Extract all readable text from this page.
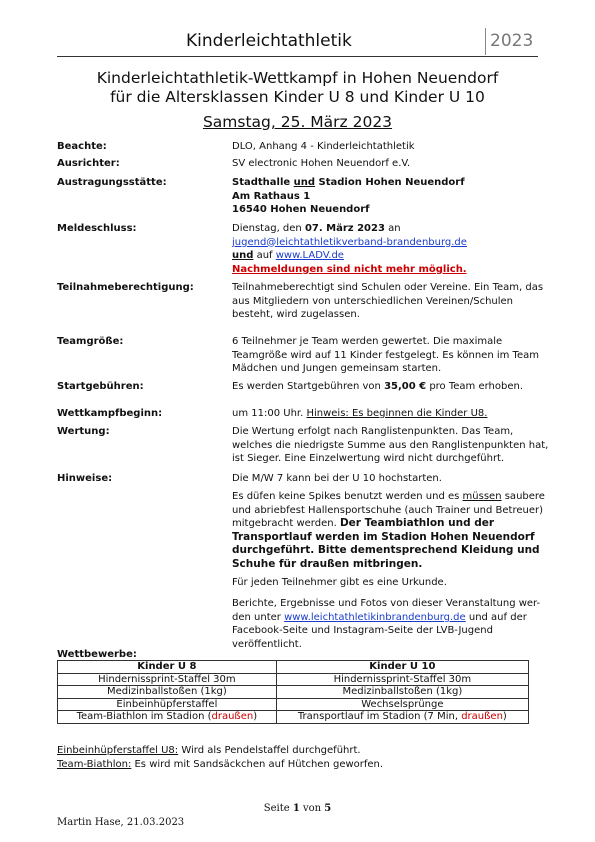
Kinderleichtathletik	2023
Kinderleichtathletik-Wettkampf in Hohen Neuendorf
für die Altersklassen Kinder U 8 und Kinder U 10
Samstag, 25. März 2023
Beachte:	DLO, Anhang 4 - Kinderleichtathletik
Ausrichter:	SV electronic Hohen Neuendorf e.V.
Austragungsstätte:	Stadthalle und Stadion Hohen Neuendorf
Am Rathaus 1
16540 Hohen Neuendorf
Meldeschluss:	Dienstag, den 07. März 2023 an
jugend@leichtathletikverband-brandenburg.de
und auf www.LADV.de
Nachmeldungen sind nicht mehr möglich.
Teilnahmeberechtigung:	Teilnahmeberechtigt sind Schulen oder Vereine. Ein Team, das aus Mitgliedern von unterschiedlichen Vereinen/Schulen besteht, wird zugelassen.
Teamgröße:	6 Teilnehmer je Team werden gewertet. Die maximale Teamgröße wird auf 11 Kinder festgelegt. Es können im Team Mädchen und Jungen gemeinsam starten.
Startgebühren:	Es werden Startgebühren von 35,00 € pro Team erhoben.
Wettkampfbeginn:	um 11:00 Uhr. Hinweis: Es beginnen die Kinder U8.
Wertung:	Die Wertung erfolgt nach Ranglistenpunkten. Das Team, welches die niedrigste Summe aus den Ranglistenpunkten hat, ist Sieger. Eine Einzelwertung wird nicht durchgeführt.
Hinweise:	Die M/W 7 kann bei der U 10 hochstarten.
Es düfen keine Spikes benutzt werden und es müssen saubere und abriebfest Hallensportschuhe (auch Trainer und Betreuer) mitgebracht werden. Der Teambiathlon und der Transportlauf werden im Stadion Hohen Neuendorf durchgeführt. Bitte dementsprechend Kleidung und Schuhe für draußen mitbringen.
Für jeden Teilnehmer gibt es eine Urkunde.
Berichte, Ergebnisse und Fotos von dieser Veranstaltung wer-den unter www.leichtathletikinbrandenburg.de und auf der Facebook-Seite und Instagram-Seite der LVB-Jugend veröffentlicht.
Wettbewerbe:
Kinder U 8	Kinder U 10
Hindernissprint-Staffel 30m	Hindernissprint-Staffel 30m
Medizinballstoßen (1kg)	Medizinballstoßen (1kg)
Einbeinhüpferstaffel	Wechselsprünge
Team-Biathlon im Stadion (draußen)	Transportlauf im Stadion (7 Min, draußen)
Einbeinhüpferstaffel U8: Wird als Pendelstaffel durchgeführt.
Team-Biathlon: Es wird mit Sandsäckchen auf Hütchen geworfen.
Seite 1 von 5
Martin Hase, 21.03.2023
